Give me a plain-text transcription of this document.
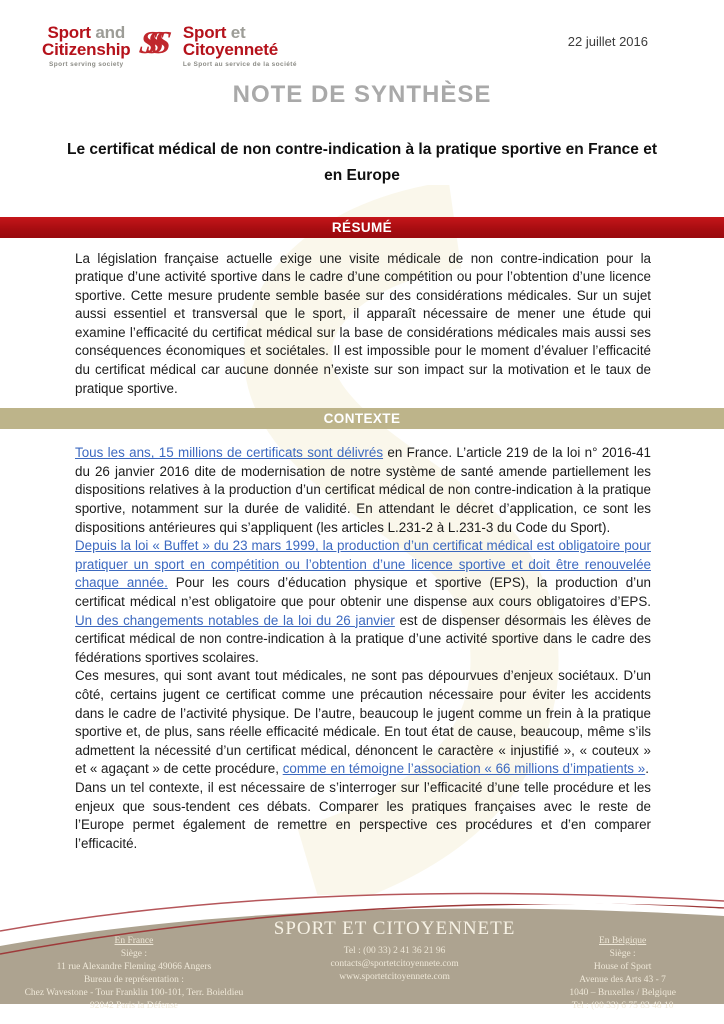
Sport and
Citizenship
Sport serving society
SSS	Sport et
Citoyenneté
Le Sport au service de la société
22 juillet 2016
NOTE DE SYNTHÈSE
Le certificat médical de non contre-indication à la pratique sportive en France et en Europe
RÉSUMÉ

La législation française actuelle exige une visite médicale de non contre-indication pour la pratique d’une activité sportive dans le cadre d’une compétition ou pour l’obtention d’une licence sportive. Cette mesure prudente semble basée sur des considérations médicales. Sur un sujet aussi essentiel et transversal que le sport, il apparaît nécessaire de mener une étude qui examine l’efficacité du certificat médical sur la base de considérations médicales mais aussi ses conséquences économiques et sociétales. Il est impossible pour le moment d’évaluer l’efficacité du certificat médical car aucune donnée n’existe sur son impact sur la motivation et le taux de pratique sportive.

CONTEXTE

Tous les ans, 15 millions de certificats sont délivrés en France. L’article 219 de la loi n° 2016-41 du 26 janvier 2016 dite de modernisation de notre système de santé amende partiellement les dispositions relatives à la production d’un certificat médical de non contre-indication à la pratique sportive, notamment sur la durée de validité. En attendant le décret d’application, ce sont les dispositions antérieures qui s’appliquent (les articles L.231-2 à L.231-3 du Code du Sport).

Depuis la loi « Buffet » du 23 mars 1999, la production d’un certificat médical est obligatoire pour pratiquer un sport en compétition ou l’obtention d’une licence sportive et doit être renouvelée chaque année. Pour les cours d’éducation physique et sportive (EPS), la production d’un certificat médical n’est obligatoire que pour obtenir une dispense aux cours obligatoires d’EPS. Un des changements notables de la loi du 26 janvier est de dispenser désormais les élèves de certificat médical de non contre-indication à la pratique d’une activité sportive dans le cadre des fédérations sportives scolaires.

Ces mesures, qui sont avant tout médicales, ne sont pas dépourvues d’enjeux sociétaux. D’un côté, certains jugent ce certificat comme une précaution nécessaire pour éviter les accidents dans le cadre de l’activité physique. De l’autre, beaucoup le jugent comme un frein à la pratique sportive et, de plus, sans réelle efficacité médicale. En tout état de cause, beaucoup, même s’ils admettent la nécessité d’un certificat médical, dénoncent le caractère « injustifié », « couteux » et « agaçant » de cette procédure, comme en témoigne l’association « 66 millions d’impatients ».

Dans un tel contexte, il est nécessaire de s’interroger sur l’efficacité d’une telle procédure et les enjeux que sous-tendent ces débats. Comparer les pratiques françaises avec le reste de l’Europe permet également de remettre en perspective ces procédures et d’en comparer l’efficacité.

En France
Siège :
11 rue Alexandre Fleming 49066 Angers
Bureau de représentation :
Chez Wavestone - Tour Franklin 100-101, Terr. Boieldieu
92042 Paris la Défense
SPORT ET CITOYENNETE
Tel : (00 33) 2 41 36 21 96
contacts@sportetcitoyennete.com
www.sportetcitoyennete.com
En Belgique
Siège :
House of Sport
Avenue des Arts 43 - 7
1040 – Bruxelles / Belgique
Tel : (00 33) 6 75 83 48 10
